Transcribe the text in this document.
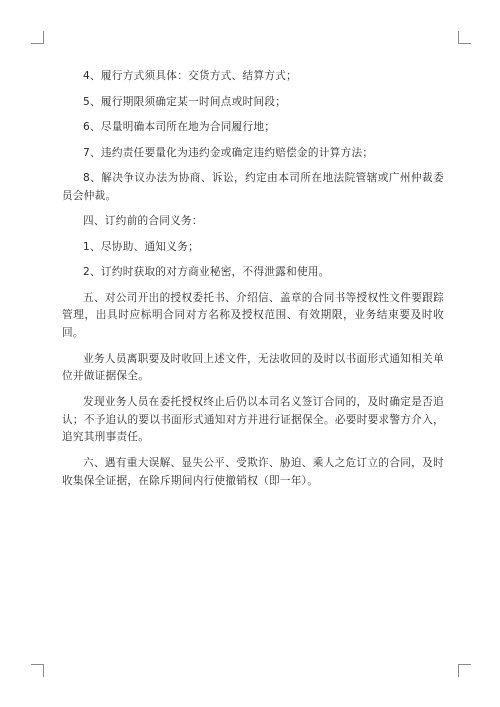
4、履行方式须具体：交货方式、结算方式；

5、履行期限须确定某一时间点或时间段；

6、尽量明确本司所在地为合同履行地；

7、违约责任要量化为违约金或确定违约赔偿金的计算方法；

8、解决争议办法为协商、诉讼，约定由本司所在地法院管辖或广州仲裁委员会仲裁。

四、订约前的合同义务：

1、尽协助、通知义务；

2、订约时获取的对方商业秘密，不得泄露和使用。

五、对公司开出的授权委托书、介绍信、盖章的合同书等授权性文件要跟踪管理，出具时应标明合同对方名称及授权范围、有效期限，业务结束要及时收回。

业务人员离职要及时收回上述文件，无法收回的及时以书面形式通知相关单位并做证据保全。

发现业务人员在委托授权终止后仍以本司名义签订合同的，及时确定是否追认；不予追认的要以书面形式通知对方并进行证据保全。必要时要求警方介入，追究其刑事责任。

六、遇有重大误解、显失公平、受欺诈、胁迫、乘人之危订立的合同，及时收集保全证据，在除斥期间内行使撤销权（即一年）。
